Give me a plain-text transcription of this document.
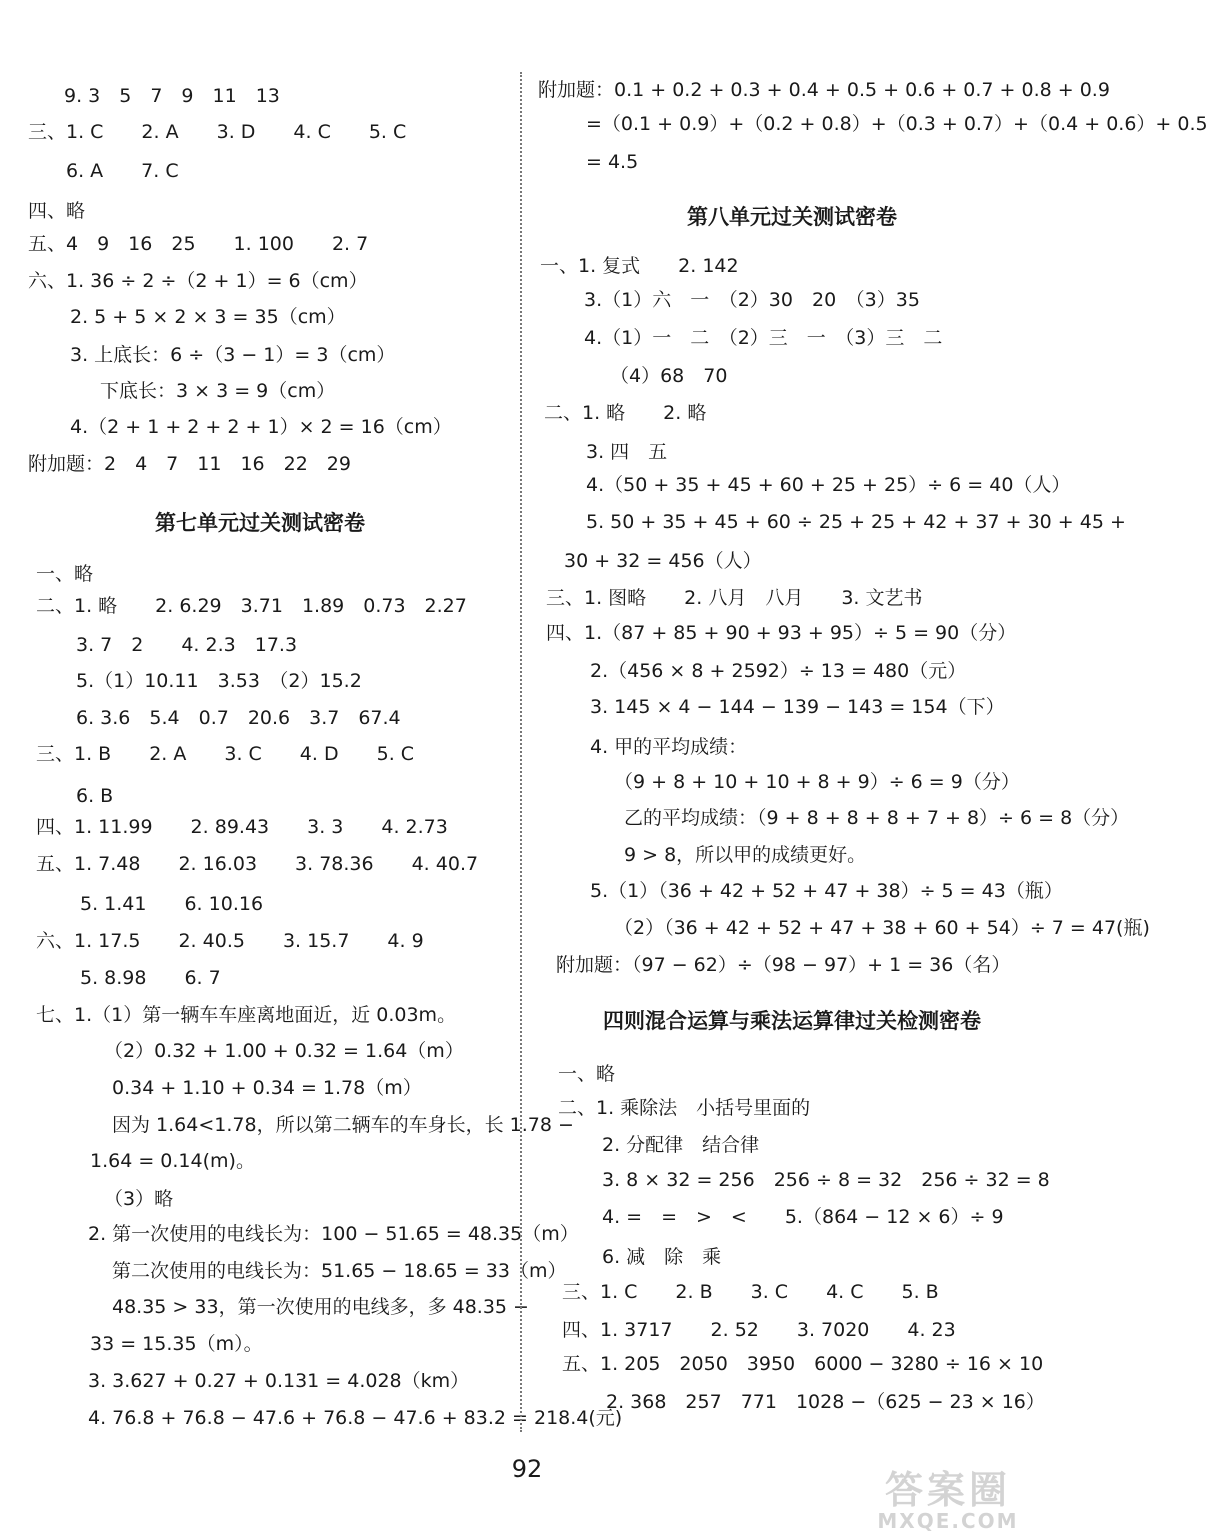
9. 3　5　7　9　11　13
三、1. C　　2. A　　3. D　　4. C　　5. C
6. A　　7. C
四、略
五、4　9　16　25　　1. 100　　2. 7
六、1. 36 ÷ 2 ÷（2 + 1）= 6（cm）
2. 5 + 5 × 2 × 3 = 35（cm）
3. 上底长：6 ÷（3 − 1）= 3（cm）
下底长：3 × 3 = 9（cm）
4.（2 + 1 + 2 + 2 + 1）× 2 = 16（cm）
附加题：2　4　7　11　16　22　29
第七单元过关测试密卷
一、略
二、1. 略　　2. 6.29　3.71　1.89　0.73　2.27
3. 7　2　　4. 2.3　17.3
5.（1）10.11　3.53　（2）15.2
6. 3.6　5.4　0.7　20.6　3.7　67.4
三、1. B　　2. A　　3. C　　4. D　　5. C
6. B
四、1. 11.99　　2. 89.43　　3. 3　　4. 2.73
五、1. 7.48　　2. 16.03　　3. 78.36　　4. 40.7
5. 1.41　　6. 10.16
六、1. 17.5　　2. 40.5　　3. 15.7　　4. 9
5. 8.98　　6. 7
七、1.（1）第一辆车车座离地面近，近 0.03m。
（2）0.32 + 1.00 + 0.32 = 1.64（m）
0.34 + 1.10 + 0.34 = 1.78（m）
因为 1.64<1.78，所以第二辆车的车身长，长 1.78 −
1.64 = 0.14(m)。
（3）略
2. 第一次使用的电线长为：100 − 51.65 = 48.35（m）
第二次使用的电线长为：51.65 − 18.65 = 33（m）
48.35 > 33，第一次使用的电线多，多 48.35 −
33 = 15.35（m）。
3. 3.627 + 0.27 + 0.131 = 4.028（km）
4. 76.8 + 76.8 − 47.6 + 76.8 − 47.6 + 83.2 = 218.4(元)
附加题：0.1 + 0.2 + 0.3 + 0.4 + 0.5 + 0.6 + 0.7 + 0.8 + 0.9
=（0.1 + 0.9）+（0.2 + 0.8）+（0.3 + 0.7）+（0.4 + 0.6）+ 0.5
= 4.5
第八单元过关测试密卷
一、1. 复式　　2. 142
3.（1）六　一　（2）30　20　（3）35
4.（1）一　二　（2）三　一　（3）三　二
（4）68　70
二、1. 略　　2. 略
3. 四　五
4.（50 + 35 + 45 + 60 + 25 + 25）÷ 6 = 40（人）
5. 50 + 35 + 45 + 60 ÷ 25 + 25 + 42 + 37 + 30 + 45 +
30 + 32 = 456（人）
三、1. 图略　　2. 八月　八月　　3. 文艺书
四、1.（87 + 85 + 90 + 93 + 95）÷ 5 = 90（分）
2.（456 × 8 + 2592）÷ 13 = 480（元）
3. 145 × 4 − 144 − 139 − 143 = 154（下）
4. 甲的平均成绩：
（9 + 8 + 10 + 10 + 8 + 9）÷ 6 = 9（分）
乙的平均成绩：（9 + 8 + 8 + 8 + 7 + 8）÷ 6 = 8（分）
9 > 8，所以甲的成绩更好。
5.（1）（36 + 42 + 52 + 47 + 38）÷ 5 = 43（瓶）
（2）（36 + 42 + 52 + 47 + 38 + 60 + 54）÷ 7 = 47(瓶)
附加题：（97 − 62）÷（98 − 97）+ 1 = 36（名）
四则混合运算与乘法运算律过关检测密卷
一、略
二、1. 乘除法　小括号里面的
2. 分配律　结合律
3. 8 × 32 = 256　256 ÷ 8 = 32　256 ÷ 32 = 8
4. =　=　>　<　　5.（864 − 12 × 6）÷ 9
6. 减　除　乘
三、1. C　　2. B　　3. C　　4. C　　5. B
四、1. 3717　　2. 52　　3. 7020　　4. 23
五、1. 205　2050　3950　6000 − 3280 ÷ 16 × 10
2. 368　257　771　1028 −（625 − 23 × 16）
92	答案圈
MXQE.COM
